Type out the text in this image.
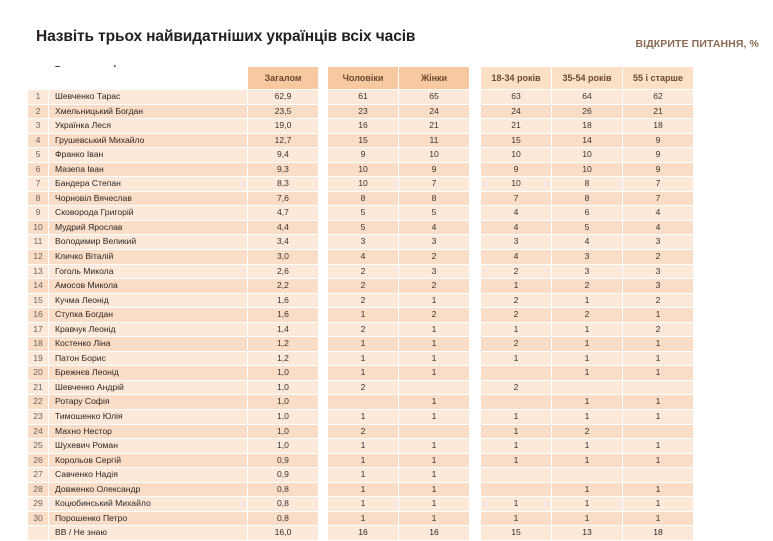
Назвіть трьох найвидатніших українців всіх часів	ВІДКРИТЕ ПИТАННЯ, %
		Загалом		Чоловіки	Жінки		18-34 років	35-54 років	55 і старше
1	Шевченко Тарас	62,9		61	65		63	64	62
2	Хмельницький Богдан	23,5		23	24		24	26	21
3	Українка Леся	19,0		16	21		21	18	18
4	Грушевський Михайло	12,7		15	11		15	14	9
5	Франко Іван	9,4		9	10		10	10	9
6	Мазепа Іван	9,3		10	9		9	10	9
7	Бандера Степан	8,3		10	7		10	8	7
8	Чорновіл Вячеслав	7,6		8	8		7	8	7
9	Сковорода Григорій	4,7		5	5		4	6	4
10	Мудрий Ярослав	4,4		5	4		4	5	4
11	Володимир Великий	3,4		3	3		3	4	3
12	Кличко Віталій	3,0		4	2		4	3	2
13	Гоголь Микола	2,6		2	3		2	3	3
14	Амосов Микола	2,2		2	2		1	2	3
15	Кучма Леонід	1,6		2	1		2	1	2
16	Ступка Богдан	1,6		1	2		2	2	1
17	Кравчук Леонід	1,4		2	1		1	1	2
18	Костенко Ліна	1,2		1	1		2	1	1
19	Патон Борис	1,2		1	1		1	1	1
20	Брежнєв Леонід	1,0		1	1			1	1
21	Шевченко Андрій	1,0		2			2		
22	Ротару Софія	1,0			1			1	1
23	Тимошенко Юлія	1,0		1	1		1	1	1
24	Махно Нестор	1,0		2			1	2	
25	Шухевич Роман	1,0		1	1		1	1	1
26	Корольов Сергій	0,9		1	1		1	1	1
27	Савченко Надія	0,9		1	1				
28	Довженко Олександр	0,8		1	1			1	1
29	Коцюбинський Михайло	0,8		1	1		1	1	1
30	Порошенко Петро	0,8		1	1		1	1	1
	ВВ / Не знаю	16,0		16	16		15	13	18
